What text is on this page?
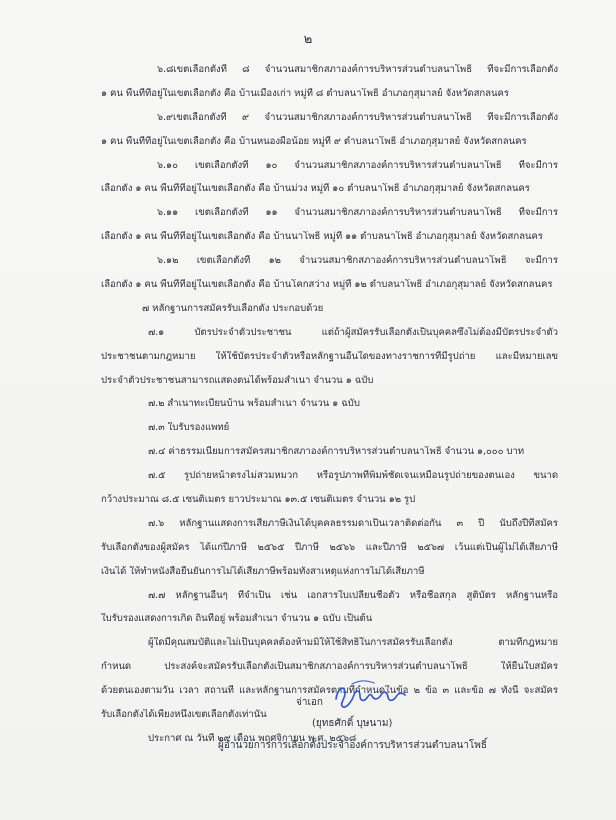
๒
๖.๘เขตเลือกตั้งที่ ๘ จำนวนสมาชิกสภาองค์การบริหารส่วนตำบลนาโพธิ์ ที่จะมีการเลือกตั้ง
๑ คน พื้นที่ที่อยู่ในเขตเลือกตั้ง คือ บ้านเมืองเก่า หมู่ที่ ๘ ตำบลนาโพธิ์ อำเภอกุสุมาลย์ จังหวัดสกลนคร
๖.๙เขตเลือกตั้งที่ ๙ จำนวนสมาชิกสภาองค์การบริหารส่วนตำบลนาโพธิ์ ที่จะมีการเลือกตั้ง
๑ คน พื้นที่ที่อยู่ในเขตเลือกตั้ง คือ บ้านหนองผือน้อย หมู่ที่ ๙ ตำบลนาโพธิ์ อำเภอกุสุมาลย์ จังหวัดสกลนคร
๖.๑๐ เขตเลือกตั้งที่ ๑๐ จำนวนสมาชิกสภาองค์การบริหารส่วนตำบลนาโพธิ์ ที่จะมีการ
เลือกตั้ง ๑ คน พื้นที่ที่อยู่ในเขตเลือกตั้ง คือ บ้านม่วง หมู่ที่ ๑๐ ตำบลนาโพธิ์ อำเภอกุสุมาลย์ จังหวัดสกลนคร
๖.๑๑ เขตเลือกตั้งที่ ๑๑ จำนวนสมาชิกสภาองค์การบริหารส่วนตำบลนาโพธิ์ ที่จะมีการ
เลือกตั้ง ๑ คน พื้นที่ที่อยู่ในเขตเลือกตั้ง คือ บ้านนาโพธิ์ หมู่ที่ ๑๑ ตำบลนาโพธิ์ อำเภอกุสุมาลย์ จังหวัดสกลนคร
๖.๑๒ เขตเลือกตั้งที่ ๑๒ จำนวนสมาชิกสภาองค์การบริหารส่วนตำบลนาโพธิ์ จะมีการ
เลือกตั้ง ๑ คน พื้นที่ที่อยู่ในเขตเลือกตั้ง คือ บ้านโคกสว่าง หมู่ที่ ๑๒ ตำบลนาโพธิ์ อำเภอกุสุมาลย์ จังหวัดสกลนคร
๗ หลักฐานการสมัครรับเลือกตั้ง ประกอบด้วย
๗.๑ บัตรประจำตัวประชาชน แต่ถ้าผู้สมัครรับเลือกตั้งเป็นบุคคลซึ่งไม่ต้องมีบัตรประจำตัว
ประชาชนตามกฎหมาย ให้ใช้บัตรประจำตัวหรือหลักฐานอื่นใดของทางราชการที่มีรูปถ่าย และมีหมายเลข
ประจำตัวประชาชนสามารถแสดงตนได้พร้อมสำเนา จำนวน ๑ ฉบับ
๗.๒ สำเนาทะเบียนบ้าน พร้อมสำเนา จำนวน ๑ ฉบับ
๗.๓ ใบรับรองแพทย์
๗.๔ ค่าธรรมเนียมการสมัครสมาชิกสภาองค์การบริหารส่วนตำบลนาโพธิ์ จำนวน ๑,๐๐๐ บาท
๗.๕ รูปถ่ายหน้าตรงไม่สวมหมวก หรือรูปภาพที่พิมพ์ชัดเจนเหมือนรูปถ่ายของตนเอง ขนาด
กว้างประมาณ ๘.๕ เซนติเมตร ยาวประมาณ ๑๓.๕ เซนติเมตร จำนวน ๑๒ รูป
๗.๖ หลักฐานแสดงการเสียภาษีเงินได้บุคคลธรรมดาเป็นเวลาติดต่อกัน ๓ ปี นับถึงปีที่สมัคร
รับเลือกตั้งของผู้สมัคร ได้แก่ปีภาษี ๒๕๖๕ ปีภาษี ๒๕๖๖ และปีภาษี ๒๕๖๗ เว้นแต่เป็นผู้ไม่ได้เสียภาษี
เงินได้ ให้ทำหนังสือยืนยันการไม่ได้เสียภาษีพร้อมทั้งสาเหตุแห่งการไม่ได้เสียภาษี
๗.๗ หลักฐานอื่นๆ ที่จำเป็น เช่น เอกสารใบเปลี่ยนชื่อตัว หรือชื่อสกุล สูติบัตร หลักฐานหรือ
ใบรับรองแสดงการเกิด ถิ่นที่อยู่ พร้อมสำเนา จำนวน ๑ ฉบับ เป็นต้น
ผู้ใดมีคุณสมบัติและไม่เป็นบุคคลต้องห้ามมิให้ใช้สิทธิในการสมัครรับเลือกตั้ง ตามที่กฎหมาย
กำหนด ประสงค์จะสมัครรับเลือกตั้งเป็นสมาชิกสภาองค์การบริหารส่วนตำบลนาโพธิ์ ให้ยื่นใบสมัคร
ด้วยตนเองตามวัน เวลา สถานที่ และหลักฐานการสมัครตามที่กำหนดในข้อ ๒ ข้อ ๓ และข้อ ๗ ทั้งนี้ จะสมัคร
รับเลือกตั้งได้เพียงหนึ่งเขตเลือกตั้งเท่านั้น
ประกาศ ณ วันที่ ๒๙ เดือน พฤศจิกายน พ.ศ. ๒๕๖๘
จ่าเอก
(ยุทธศักดิ์ บุษนาม)
ผู้อำนวยการการเลือกตั้งประจำองค์การบริหารส่วนตำบลนาโพธิ์
